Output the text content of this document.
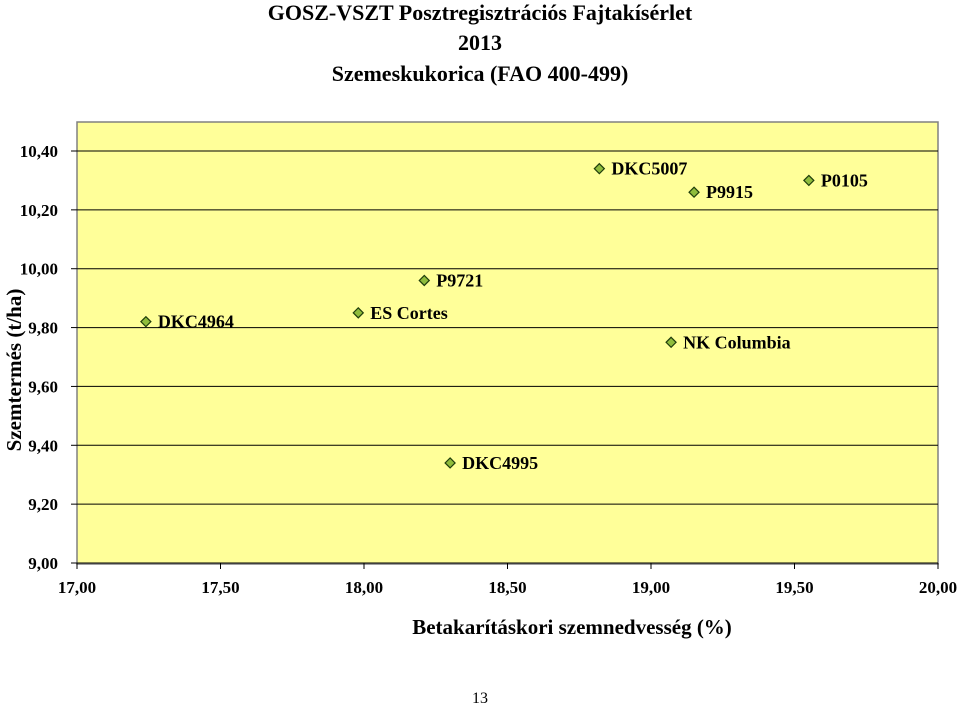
GOSZ-VSZT Posztregisztrációs Fajtakísérlet
2013
Szemeskukorica (FAO 400-499)
9,00
9,20
9,40
9,60
9,80
10,00
10,20
10,40
17,00	17,50	18,00	18,50	19,00	19,50	20,00
DKC4964	ES Cortes
P9721
DKC4995
DKC5007
P9915
P0105
NK Columbia
Szemtermés (t/ha)
Betakarításkori szemnedvesség (%)
13
